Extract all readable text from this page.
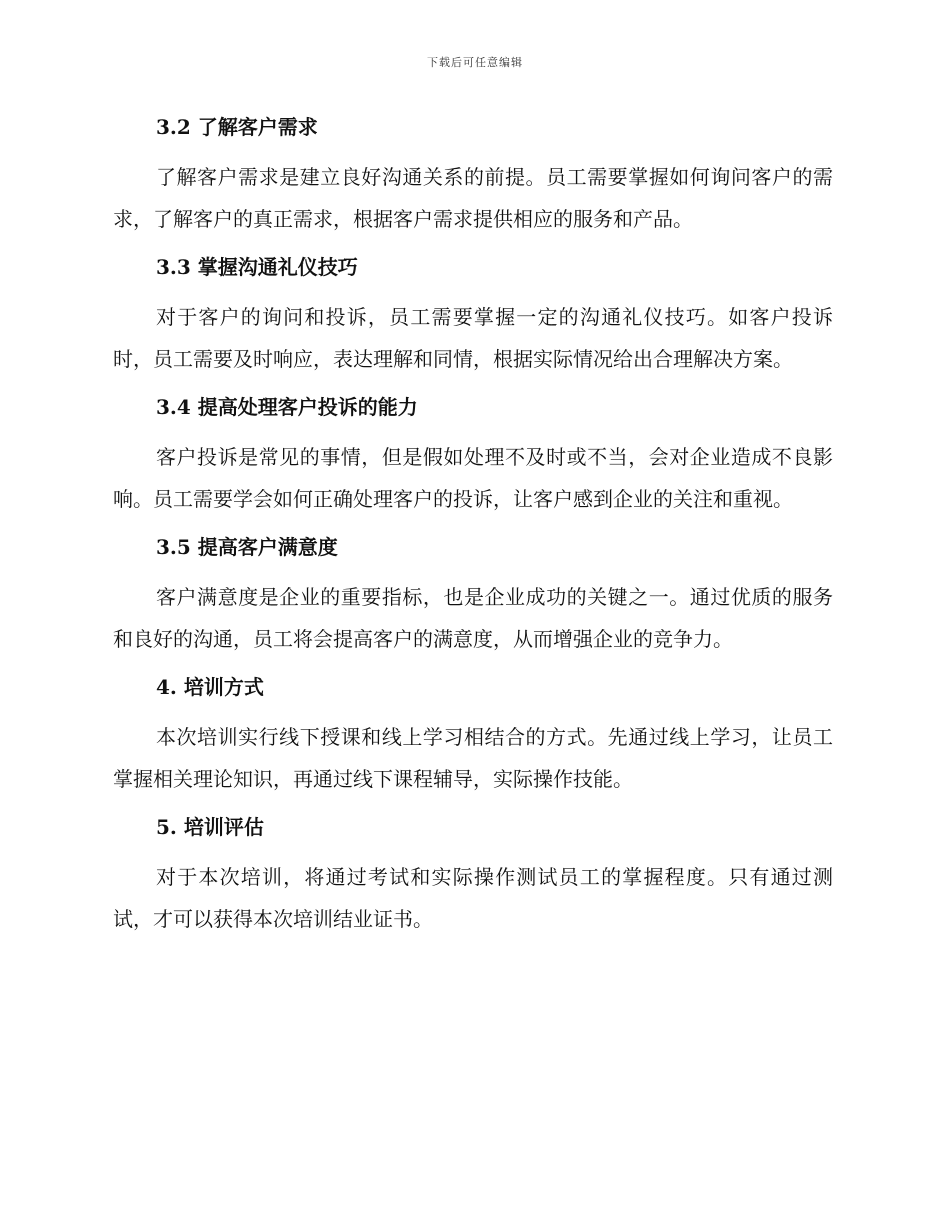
下载后可任意编辑
3.2 了解客户需求

了解客户需求是建立良好沟通关系的前提。员工需要掌握如何询问客户的需求，了解客户的真正需求，根据客户需求提供相应的服务和产品。

3.3 掌握沟通礼仪技巧

对于客户的询问和投诉，员工需要掌握一定的沟通礼仪技巧。如客户投诉时，员工需要及时响应，表达理解和同情，根据实际情况给出合理解决方案。

3.4 提高处理客户投诉的能力

客户投诉是常见的事情，但是假如处理不及时或不当，会对企业造成不良影响。员工需要学会如何正确处理客户的投诉，让客户感到企业的关注和重视。

3.5 提高客户满意度

客户满意度是企业的重要指标，也是企业成功的关键之一。通过优质的服务和良好的沟通，员工将会提高客户的满意度，从而增强企业的竞争力。

4. 培训方式

本次培训实行线下授课和线上学习相结合的方式。先通过线上学习，让员工掌握相关理论知识，再通过线下课程辅导，实际操作技能。

5. 培训评估

对于本次培训，将通过考试和实际操作测试员工的掌握程度。只有通过测试，才可以获得本次培训结业证书。
